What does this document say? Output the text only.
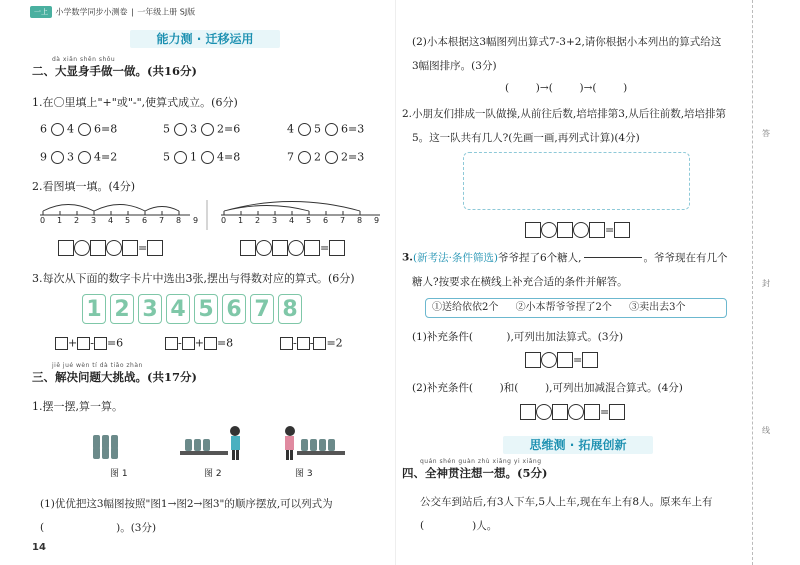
一上 小学数学同步小测卷 | 一年级上册 SJ版
能力测 · 迁移运用
dà xiǎn shēn shǒu
二、大显身手做一做。(共16分)
1.在〇里填上"+"或"-",使算式成立。(6分)
6 4 6=8	5 3 2=6	4 5 6=3
9 3 4=2	5 1 4=8	7 2 2=3
2.看图填一填。(4分)
0 1 2 3 4 5 6 7 8 9	0 1 2 3 4 5 6 7 8 9
=	=
3.每次从下面的数字卡片中选出3张,摆出与得数对应的算式。(6分)
1 2 3 4 5 6 7 8
+ - =6	- + =8	- - =2
jiě jué wèn tí dà tiǎo zhàn
三、解决问题大挑战。(共17分)
1.摆一摆,算一算。
图 1	图 2	图 3
(1)优优把这3幅图按照"图1→图2→图3"的顺序摆放,可以列式为
(	)。(3分)
14
(2)小本根据这3幅图列出算式7-3+2,请你根据小本列出的算式给这
3幅图排序。(3分)
(        )→(        )→(        )
2.小朋友们排成一队做操,从前往后数,培培排第3,从后往前数,培培排第
5。这一队共有几人?(先画一画,再列式计算)(4分)
=
3.(新考法·条件筛选)爷爷捏了6个糖人,	。爷爷现在有几个
糖人?按要求在横线上补充合适的条件并解答。
①送给依依2个 ②小本帮爷爷捏了2个 ③卖出去3个
(1)补充条件(          ),可列出加法算式。(3分)
=
(2)补充条件(        )和(        ),可列出加减混合算式。(4分)
=
思维测 · 拓展创新
quán shén guàn zhù xiǎng yi xiǎng
四、全神贯注想一想。(5分)
公交车到站后,有3人下车,5人上车,现在车上有8人。原来车上有
(	)人。
答
封
线
